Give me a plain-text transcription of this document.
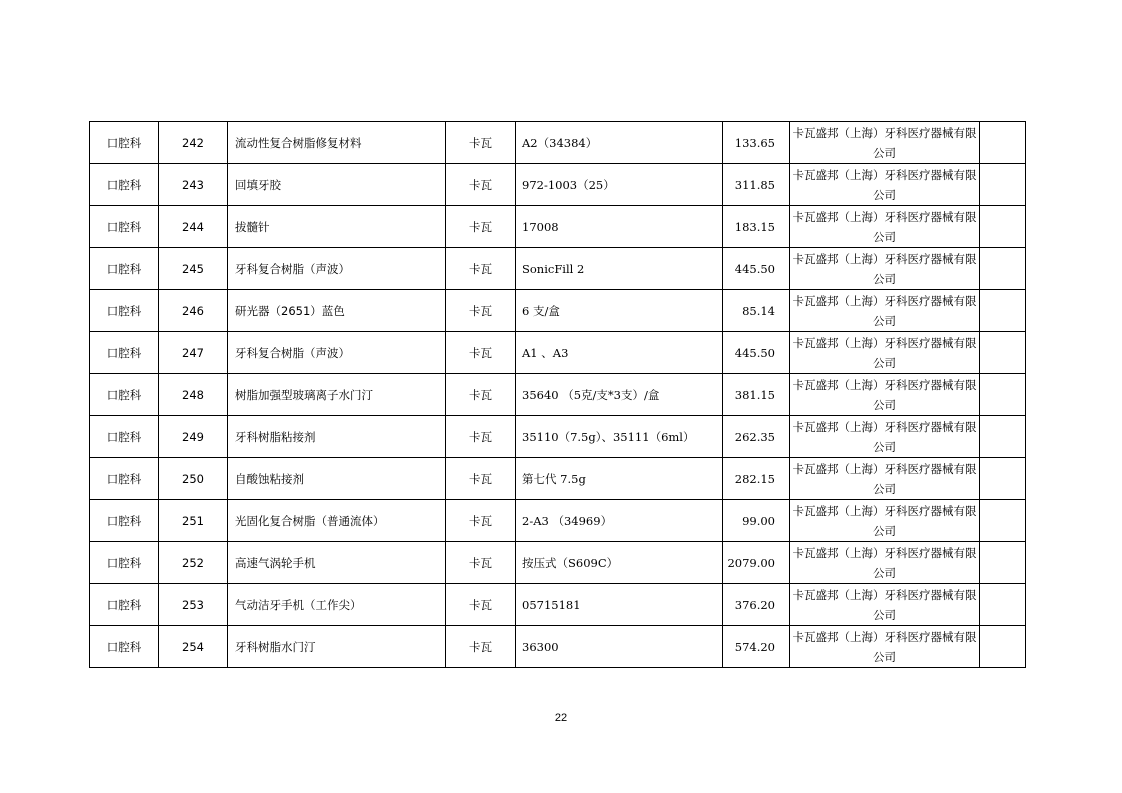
口腔科	242	流动性复合树脂修复材料	卡瓦	A2（34384）	133.65	卡瓦盛邦（上海）牙科医疗器械有限公司	
口腔科	243	回填牙胶	卡瓦	972-1003（25）	311.85	卡瓦盛邦（上海）牙科医疗器械有限公司	
口腔科	244	拔髓针	卡瓦	17008	183.15	卡瓦盛邦（上海）牙科医疗器械有限公司	
口腔科	245	牙科复合树脂（声波）	卡瓦	SonicFill 2	445.50	卡瓦盛邦（上海）牙科医疗器械有限公司	
口腔科	246	研光器（2651）蓝色	卡瓦	6 支/盒	85.14	卡瓦盛邦（上海）牙科医疗器械有限公司	
口腔科	247	牙科复合树脂（声波）	卡瓦	A1 、A3	445.50	卡瓦盛邦（上海）牙科医疗器械有限公司	
口腔科	248	树脂加强型玻璃离子水门汀	卡瓦	35640 （5克/支*3支）/盒	381.15	卡瓦盛邦（上海）牙科医疗器械有限公司	
口腔科	249	牙科树脂粘接剂	卡瓦	35110（7.5g）、35111（6ml）	262.35	卡瓦盛邦（上海）牙科医疗器械有限公司	
口腔科	250	自酸蚀粘接剂	卡瓦	第七代 7.5g	282.15	卡瓦盛邦（上海）牙科医疗器械有限公司	
口腔科	251	光固化复合树脂（普通流体）	卡瓦	2-A3 （34969）	99.00	卡瓦盛邦（上海）牙科医疗器械有限公司	
口腔科	252	高速气涡轮手机	卡瓦	按压式（S609C）	2079.00	卡瓦盛邦（上海）牙科医疗器械有限公司	
口腔科	253	气动洁牙手机（工作尖）	卡瓦	05715181	376.20	卡瓦盛邦（上海）牙科医疗器械有限公司	
口腔科	254	牙科树脂水门汀	卡瓦	36300	574.20	卡瓦盛邦（上海）牙科医疗器械有限公司	
22
